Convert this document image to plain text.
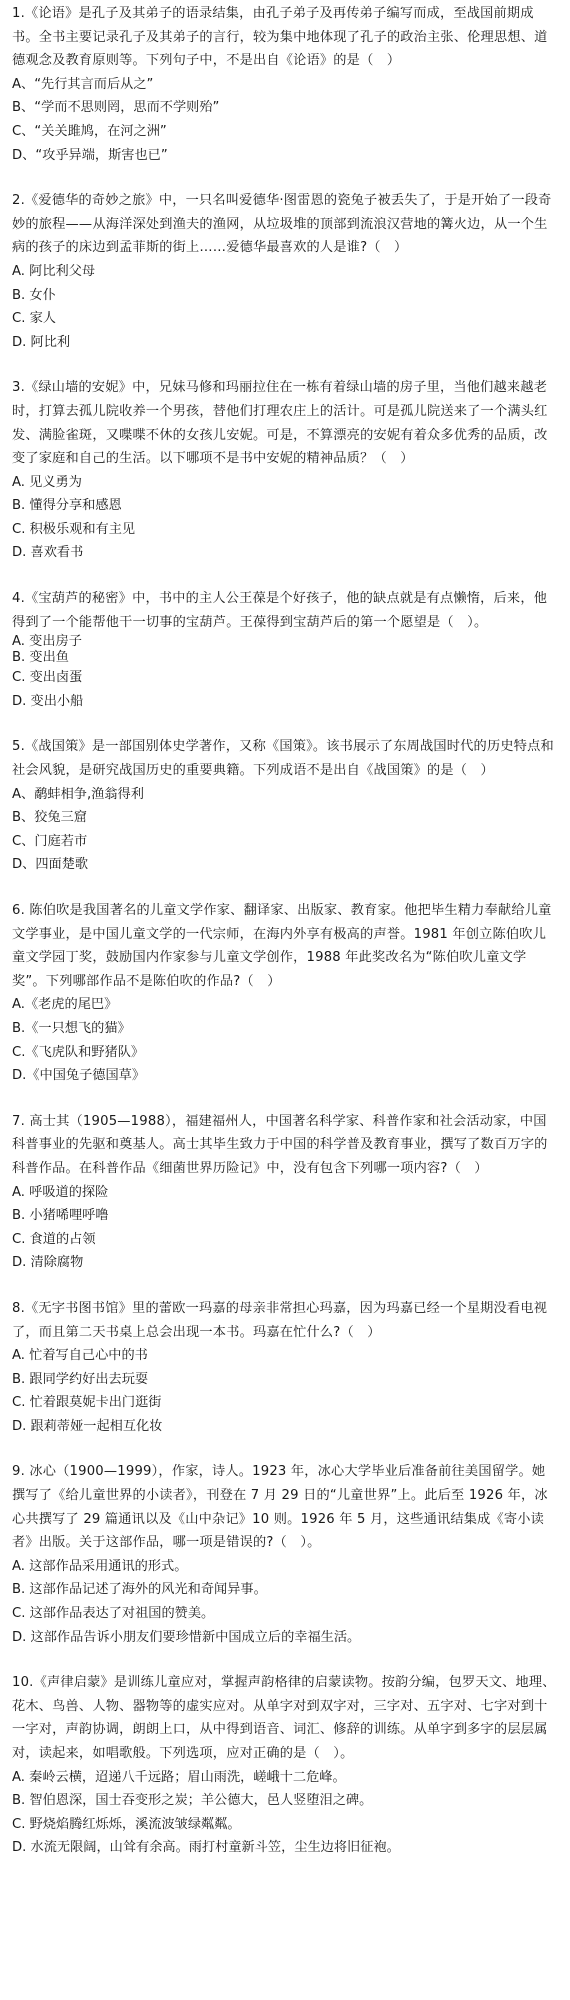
1.《论语》是孔子及其弟子的语录结集，由孔子弟子及再传弟子编写而成，至战国前期成书。全书主要记录孔子及其弟子的言行，较为集中地体现了孔子的政治主张、伦理思想、道德观念及教育原则等。下列句子中，不是出自《论语》的是（　）

A、“先行其言而后从之”

B、“学而不思则罔，思而不学则殆”

C、“关关雎鸠，在河之洲”

D、“攻乎异端，斯害也已”

2.《爱德华的奇妙之旅》中，一只名叫爱德华·图雷恩的瓷兔子被丢失了，于是开始了一段奇妙的旅程——从海洋深处到渔夫的渔网，从垃圾堆的顶部到流浪汉营地的篝火边，从一个生病的孩子的床边到孟菲斯的街上……爱德华最喜欢的人是谁?（　）

A. 阿比利父母

B. 女仆

C. 家人

D. 阿比利

3.《绿山墙的安妮》中，兄妹马修和玛丽拉住在一栋有着绿山墙的房子里，当他们越来越老时，打算去孤儿院收养一个男孩，替他们打理农庄上的活计。可是孤儿院送来了一个满头红发、满脸雀斑，又喋喋不休的女孩儿安妮。可是，不算漂亮的安妮有着众多优秀的品质，改变了家庭和自己的生活。以下哪项不是书中安妮的精神品质？（　）

A. 见义勇为

B. 懂得分享和感恩

C. 积极乐观和有主见

D. 喜欢看书

4.《宝葫芦的秘密》中，书中的主人公王葆是个好孩子，他的缺点就是有点懒惰，后来，他得到了一个能帮他干一切事的宝葫芦。王葆得到宝葫芦后的第一个愿望是（　）。

A. 变出房子

B. 变出鱼

C. 变出卤蛋

D. 变出小船

5.《战国策》是一部国别体史学著作，又称《国策》。该书展示了东周战国时代的历史特点和社会风貌，是研究战国历史的重要典籍。下列成语不是出自《战国策》的是（　）

A、鹬蚌相争,渔翁得利

B、狡兔三窟

C、门庭若市

D、四面楚歌

6. 陈伯吹是我国著名的儿童文学作家、翻译家、出版家、教育家。他把毕生精力奉献给儿童文学事业，是中国儿童文学的一代宗师，在海内外享有极高的声誉。1981 年创立陈伯吹儿童文学园丁奖，鼓励国内作家参与儿童文学创作，1988 年此奖改名为“陈伯吹儿童文学奖”。下列哪部作品不是陈伯吹的作品?（　）

A.《老虎的尾巴》

B.《一只想飞的猫》

C.《飞虎队和野猪队》

D.《中国兔子德国草》

7. 高士其（1905—1988），福建福州人，中国著名科学家、科普作家和社会活动家，中国科普事业的先驱和奠基人。高士其毕生致力于中国的科学普及教育事业，撰写了数百万字的科普作品。在科普作品《细菌世界历险记》中，没有包含下列哪一项内容?（　）

A. 呼吸道的探险

B. 小猪唏哩呼噜

C. 食道的占领

D. 清除腐物

8.《无字书图书馆》里的蕾欧一玛嘉的母亲非常担心玛嘉，因为玛嘉已经一个星期没看电视了，而且第二天书桌上总会出现一本书。玛嘉在忙什么?（　）

A. 忙着写自己心中的书

B. 跟同学约好出去玩耍

C. 忙着跟莫妮卡出门逛街

D. 跟莉蒂娅一起相互化妆

9. 冰心（1900—1999），作家，诗人。1923 年，冰心大学毕业后准备前往美国留学。她撰写了《给儿童世界的小读者》，刊登在 7 月 29 日的“儿童世界”上。此后至 1926 年，冰心共撰写了 29 篇通讯以及《山中杂记》10 则。1926 年 5 月，这些通讯结集成《寄小读者》出版。关于这部作品，哪一项是错误的?（　）。

A. 这部作品采用通讯的形式。

B. 这部作品记述了海外的风光和奇闻异事。

C. 这部作品表达了对祖国的赞美。

D. 这部作品告诉小朋友们要珍惜新中国成立后的幸福生活。

10.《声律启蒙》是训练儿童应对，掌握声韵格律的启蒙读物。按韵分编，包罗天文、地理、花木、鸟兽、人物、器物等的虚实应对。从单字对到双字对，三字对、五字对、七字对到十一字对，声韵协调，朗朗上口，从中得到语音、词汇、修辞的训练。从单字到多字的层层属对，读起来，如唱歌般。下列选项，应对正确的是（　）。

A. 秦岭云横，迢递八千远路；眉山雨洗，嵯峨十二危峰。

B. 智伯恩深，国士吞变形之炭；羊公德大，邑人竖堕泪之碑。

C. 野烧焰腾红烁烁，溪流波皱绿粼粼。

D. 水流无限阔，山耸有余高。雨打村童新斗笠，尘生边将旧征袍。
